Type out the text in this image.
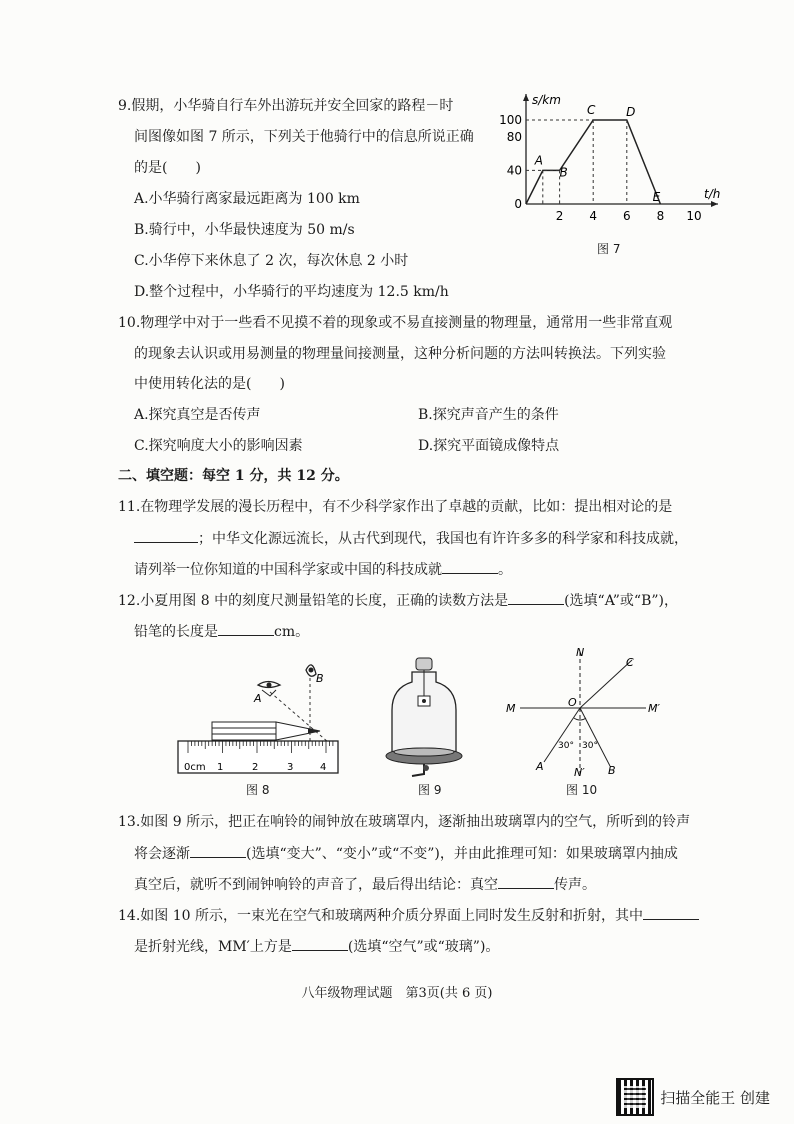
9.假期，小华骑自行车外出游玩并安全回家的路程－时
间图像如图 7 所示，下列关于他骑行中的信息所说正确
的是( )
A.小华骑行离家最远距离为 100 km
B.骑行中，小华最快速度为 50 m/s
C.小华停下来休息了 2 次，每次休息 2 小时
D.整个过程中，小华骑行的平均速度为 12.5 km/h
s/km
t/h
100
80
40
0
2 4 6 8 10
A
B
C	D
E
图 7
10.物理学中对于一些看不见摸不着的现象或不易直接测量的物理量，通常用一些非常直观
的现象去认识或用易测量的物理量间接测量，这种分析问题的方法叫转换法。下列实验
中使用转化法的是( )
A.探究真空是否传声	B.探究声音产生的条件
C.探究响度大小的影响因素	D.探究平面镜成像特点
二、填空题：每空 1 分，共 12 分。
11.在物理学发展的漫长历程中，有不少科学家作出了卓越的贡献，比如：提出相对论的是
；中华文化源远流长，从古代到现代，我国也有许许多多的科学家和科技成就，
请列举一位你知道的中国科学家或中国的科技成就	。
12.小夏用图 8 中的刻度尺测量铅笔的长度，正确的读数方法是	(选填“A”或“B”)，
铅笔的长度是	cm。
A
B
0cm 1	2	3	4
图 8	图 9
N
C
M	O	M′
30° 30°
A	N′ B
图 10
13.如图 9 所示，把正在响铃的闹钟放在玻璃罩内，逐渐抽出玻璃罩内的空气，所听到的铃声
将会逐渐	(选填“变大”、“变小”或“不变”)，并由此推理可知：如果玻璃罩内抽成
真空后，就听不到闹钟响铃的声音了，最后得出结论：真空	传声。
14.如图 10 所示，一束光在空气和玻璃两种介质分界面上同时发生反射和折射，其中
是折射光线，MM′上方是	(选填“空气”或“玻璃”)。
八年级物理试题　第3页(共 6 页)
扫描全能王 创建
